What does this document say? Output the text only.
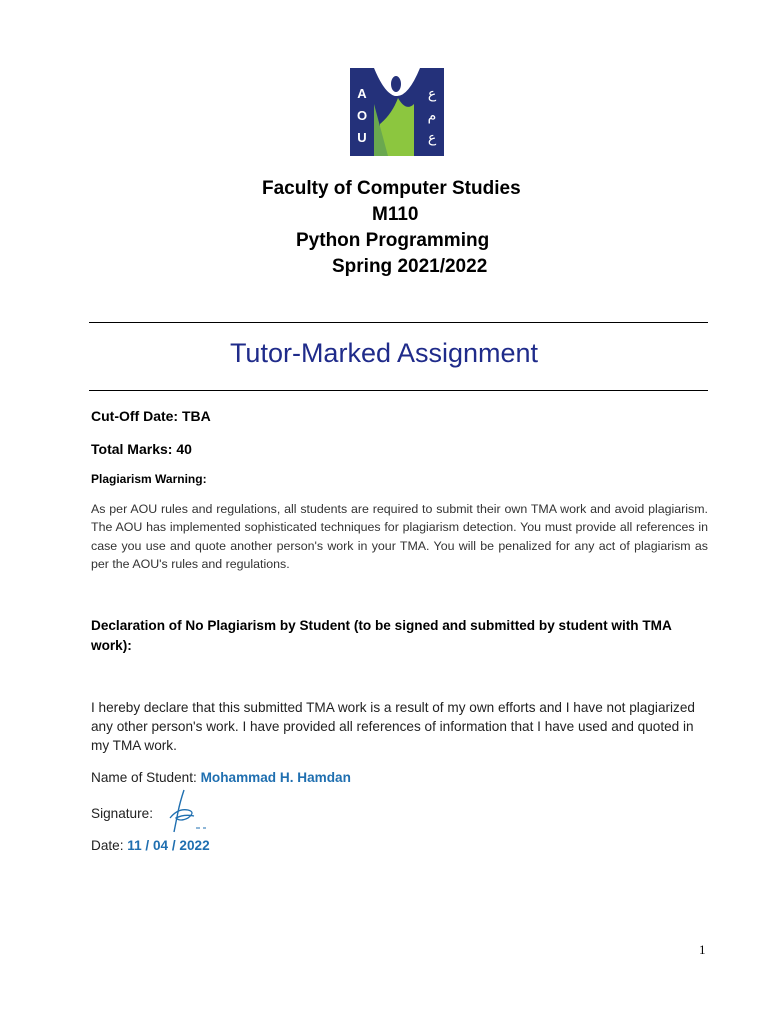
A
O
U
ع
م
ع
Faculty of Computer Studies
M110
Python Programming
Spring 2021/2022
Tutor-Marked Assignment
Cut-Off Date: TBA
Total Marks: 40
Plagiarism Warning:
As per AOU rules and regulations, all students are required to submit their own TMA work and avoid plagiarism. The AOU has implemented sophisticated techniques for plagiarism detection. You must provide all references in case you use and quote another person's work in your TMA. You will be penalized for any act of plagiarism as per the AOU's rules and regulations.
Declaration of No Plagiarism by Student (to be signed and submitted by student with TMA work):
I hereby declare that this submitted TMA work is a result of my own efforts and I have not plagiarized any other person's work. I have provided all references of information that I have used and quoted in my TMA work.
Name of Student: Mohammad H. Hamdan
Signature:
Date: 11 / 04 / 2022
1
